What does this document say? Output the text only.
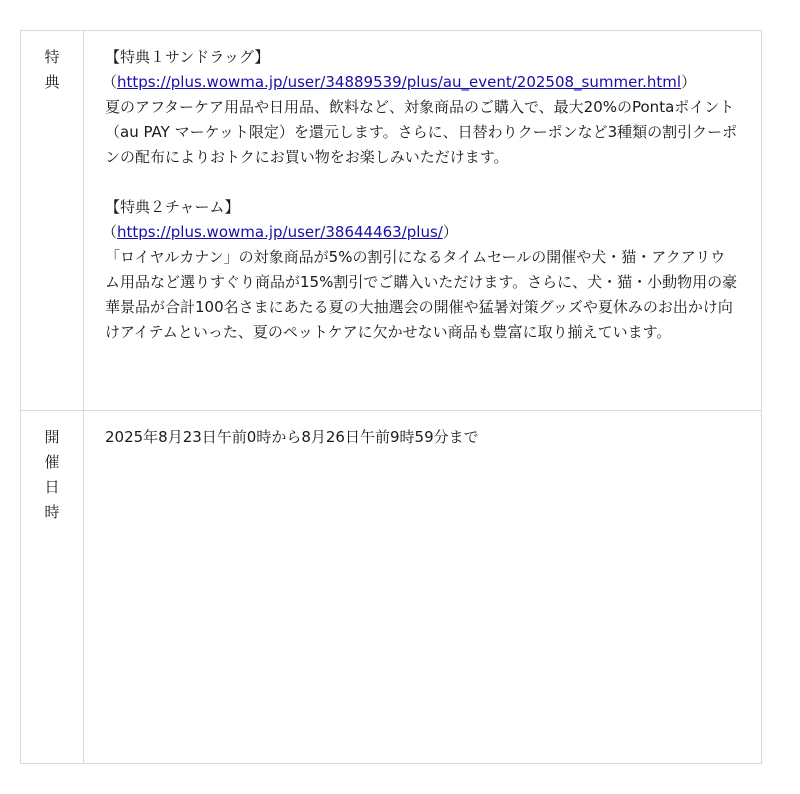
特典
【特典１サンドラッグ】
（https://plus.wowma.jp/user/34889539/plus/au_event/202508_summer.html）
夏のアフターケア用品や日用品、飲料など、対象商品のご購入で、最大20%のPontaポイント（au PAY マーケット限定）を還元します。さらに、日替わりクーポンなど3種類の割引クーポンの配布によりおトクにお買い物をお楽しみいただけます。
【特典２チャーム】
（https://plus.wowma.jp/user/38644463/plus/）
「ロイヤルカナン」の対象商品が5%の割引になるタイムセールの開催や犬・猫・アクアリウム用品など選りすぐり商品が15%割引でご購入いただけます。さらに、犬・猫・小動物用の豪華景品が合計100名さまにあたる夏の大抽選会の開催や猛暑対策グッズや夏休みのお出かけ向けアイテムといった、夏のペットケアに欠かせない商品も豊富に取り揃えています。
開催日時
2025年8月23日午前0時から8月26日午前9時59分まで
